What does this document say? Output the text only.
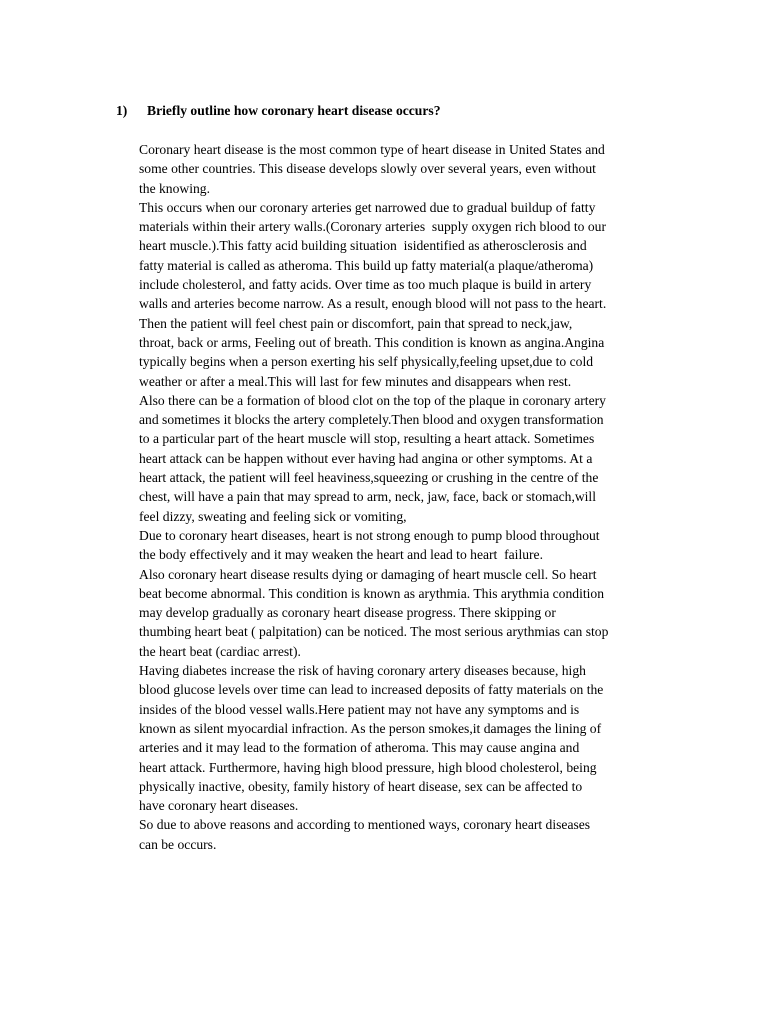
1) Briefly outline how coronary heart disease occurs?
Coronary heart disease is the most common type of heart disease in United States and
some other countries. This disease develops slowly over several years, even without
the knowing.
This occurs when our coronary arteries get narrowed due to gradual buildup of fatty
materials within their artery walls.(Coronary arteries  supply oxygen rich blood to our
heart muscle.).This fatty acid building situation  isidentified as atherosclerosis and
fatty material is called as atheroma. This build up fatty material(a plaque/atheroma)
include cholesterol, and fatty acids. Over time as too much plaque is build in artery
walls and arteries become narrow. As a result, enough blood will not pass to the heart.
Then the patient will feel chest pain or discomfort, pain that spread to neck,jaw,
throat, back or arms, Feeling out of breath. This condition is known as angina.Angina
typically begins when a person exerting his self physically,feeling upset,due to cold
weather or after a meal.This will last for few minutes and disappears when rest.
Also there can be a formation of blood clot on the top of the plaque in coronary artery
and sometimes it blocks the artery completely.Then blood and oxygen transformation
to a particular part of the heart muscle will stop, resulting a heart attack. Sometimes
heart attack can be happen without ever having had angina or other symptoms. At a
heart attack, the patient will feel heaviness,squeezing or crushing in the centre of the
chest, will have a pain that may spread to arm, neck, jaw, face, back or stomach,will
feel dizzy, sweating and feeling sick or vomiting,
Due to coronary heart diseases, heart is not strong enough to pump blood throughout
the body effectively and it may weaken the heart and lead to heart  failure.
Also coronary heart disease results dying or damaging of heart muscle cell. So heart
beat become abnormal. This condition is known as arythmia. This arythmia condition
may develop gradually as coronary heart disease progress. There skipping or
thumbing heart beat ( palpitation) can be noticed. The most serious arythmias can stop
the heart beat (cardiac arrest).
Having diabetes increase the risk of having coronary artery diseases because, high
blood glucose levels over time can lead to increased deposits of fatty materials on the
insides of the blood vessel walls.Here patient may not have any symptoms and is
known as silent myocardial infraction. As the person smokes,it damages the lining of
arteries and it may lead to the formation of atheroma. This may cause angina and
heart attack. Furthermore, having high blood pressure, high blood cholesterol, being
physically inactive, obesity, family history of heart disease, sex can be affected to
have coronary heart diseases.
So due to above reasons and according to mentioned ways, coronary heart diseases
can be occurs.
